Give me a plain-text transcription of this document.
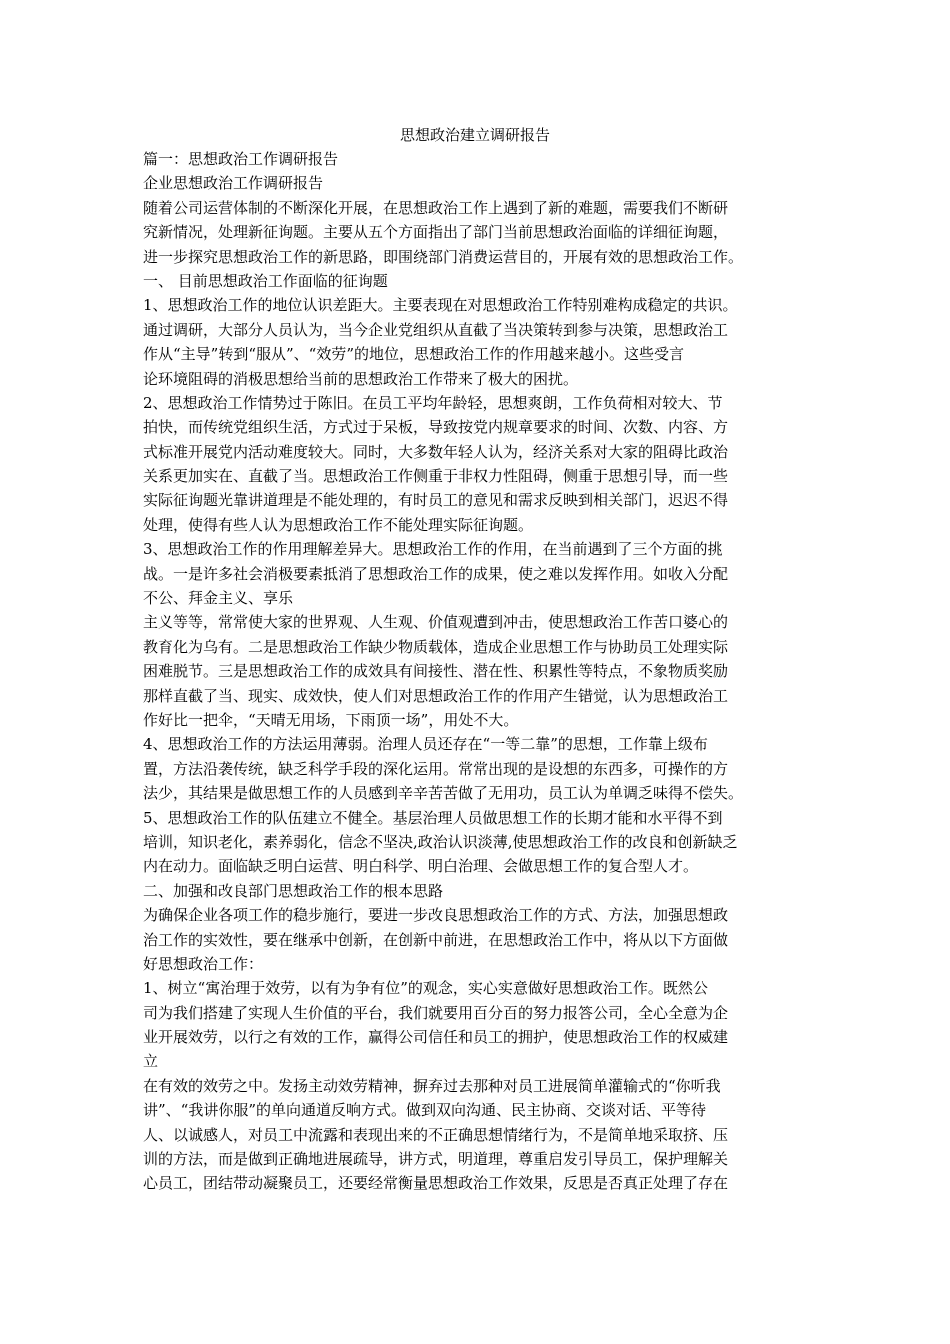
思想政治建立调研报告
篇一：思想政治工作调研报告
企业思想政治工作调研报告
随着公司运营体制的不断深化开展，在思想政治工作上遇到了新的难题，需要我们不断研
究新情况，处理新征询题。主要从五个方面指出了部门当前思想政治面临的详细征询题，
进一步探究思想政治工作的新思路，即围绕部门消费运营目的，开展有效的思想政治工作。
一、 目前思想政治工作面临的征询题
1、思想政治工作的地位认识差距大。主要表现在对思想政治工作特别难构成稳定的共识。
通过调研，大部分人员认为，当今企业党组织从直截了当决策转到参与决策，思想政治工
作从“主导”转到“服从”、“效劳”的地位，思想政治工作的作用越来越小。这些受言
论环境阻碍的消极思想给当前的思想政治工作带来了极大的困扰。
2、思想政治工作情势过于陈旧。在员工平均年龄轻，思想爽朗，工作负荷相对较大、节
拍快，而传统党组织生活，方式过于呆板，导致按党内规章要求的时间、次数、内容、方
式标准开展党内活动难度较大。同时，大多数年轻人认为，经济关系对大家的阻碍比政治
关系更加实在、直截了当。思想政治工作侧重于非权力性阻碍，侧重于思想引导，而一些
实际征询题光靠讲道理是不能处理的，有时员工的意见和需求反映到相关部门，迟迟不得
处理，使得有些人认为思想政治工作不能处理实际征询题。
3、思想政治工作的作用理解差异大。思想政治工作的作用，在当前遇到了三个方面的挑
战。一是许多社会消极要素抵消了思想政治工作的成果，使之难以发挥作用。如收入分配
不公、拜金主义、享乐
主义等等，常常使大家的世界观、人生观、价值观遭到冲击，使思想政治工作苦口婆心的
教育化为乌有。二是思想政治工作缺少物质载体，造成企业思想工作与协助员工处理实际
困难脱节。三是思想政治工作的成效具有间接性、潜在性、积累性等特点，不象物质奖励
那样直截了当、现实、成效快，使人们对思想政治工作的作用产生错觉，认为思想政治工
作好比一把伞，“天晴无用场，下雨顶一场”，用处不大。
4、思想政治工作的方法运用薄弱。治理人员还存在“一等二靠”的思想，工作靠上级布
置，方法沿袭传统，缺乏科学手段的深化运用。常常出现的是设想的东西多，可操作的方
法少，其结果是做思想工作的人员感到辛辛苦苦做了无用功，员工认为单调乏味得不偿失。
5、思想政治工作的队伍建立不健全。基层治理人员做思想工作的长期才能和水平得不到
培训，知识老化，素养弱化，信念不坚决,政治认识淡薄,使思想政治工作的改良和创新缺乏
内在动力。面临缺乏明白运营、明白科学、明白治理、会做思想工作的复合型人才。
二、加强和改良部门思想政治工作的根本思路
为确保企业各项工作的稳步施行，要进一步改良思想政治工作的方式、方法，加强思想政
治工作的实效性，要在继承中创新，在创新中前进，在思想政治工作中，将从以下方面做
好思想政治工作：
1、树立“寓治理于效劳，以有为争有位”的观念，实心实意做好思想政治工作。既然公
司为我们搭建了实现人生价值的平台，我们就要用百分百的努力报答公司，全心全意为企
业开展效劳，以行之有效的工作，赢得公司信任和员工的拥护，使思想政治工作的权威建
立
在有效的效劳之中。发扬主动效劳精神，摒弃过去那种对员工进展简单灌输式的“你听我
讲”、“我讲你服”的单向通道反响方式。做到双向沟通、民主协商、交谈对话、平等待
人、以诚感人，对员工中流露和表现出来的不正确思想情绪行为，不是简单地采取挤、压
训的方法，而是做到正确地进展疏导，讲方式，明道理，尊重启发引导员工，保护理解关
心员工，团结带动凝聚员工，还要经常衡量思想政治工作效果，反思是否真正处理了存在
